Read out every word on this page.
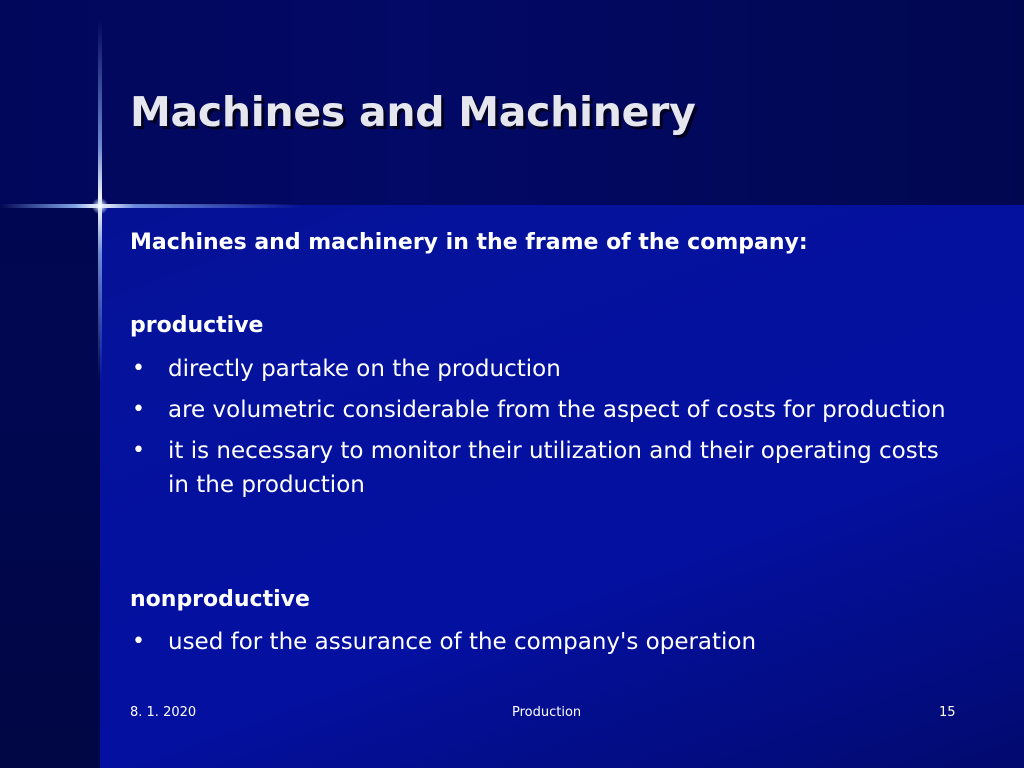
Machines and Machinery
Machines and machinery in the frame of the company:
productive
• directly partake on the production
• are volumetric considerable from the aspect of costs for production
• it is necessary to monitor their utilization and their operating costs in the production
nonproductive
• used for the assurance of the company's operation
8. 1. 2020	Production	15
